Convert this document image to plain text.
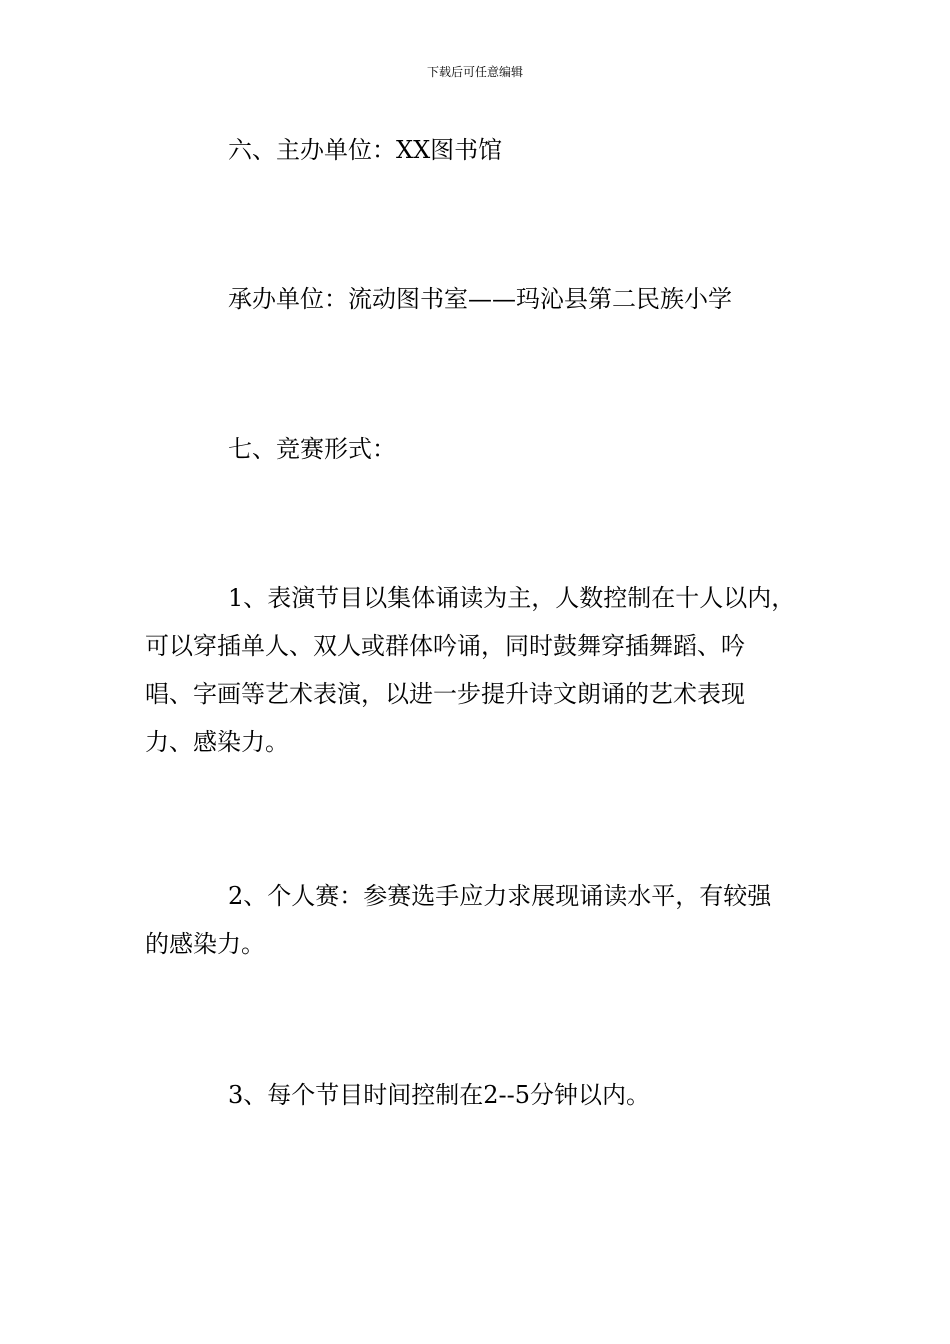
下载后可任意编辑

六、主办单位：XX图书馆

承办单位：流动图书室——玛沁县第二民族小学

七、竞赛形式：

1、表演节目以集体诵读为主，人数控制在十人以内，
可以穿插单人、双人或群体吟诵，同时鼓舞穿插舞蹈、吟
唱、字画等艺术表演，以进一步提升诗文朗诵的艺术表现
力、感染力。
2、个人赛：参赛选手应力求展现诵读水平，有较强
的感染力。

3、每个节目时间控制在2--5分钟以内。
